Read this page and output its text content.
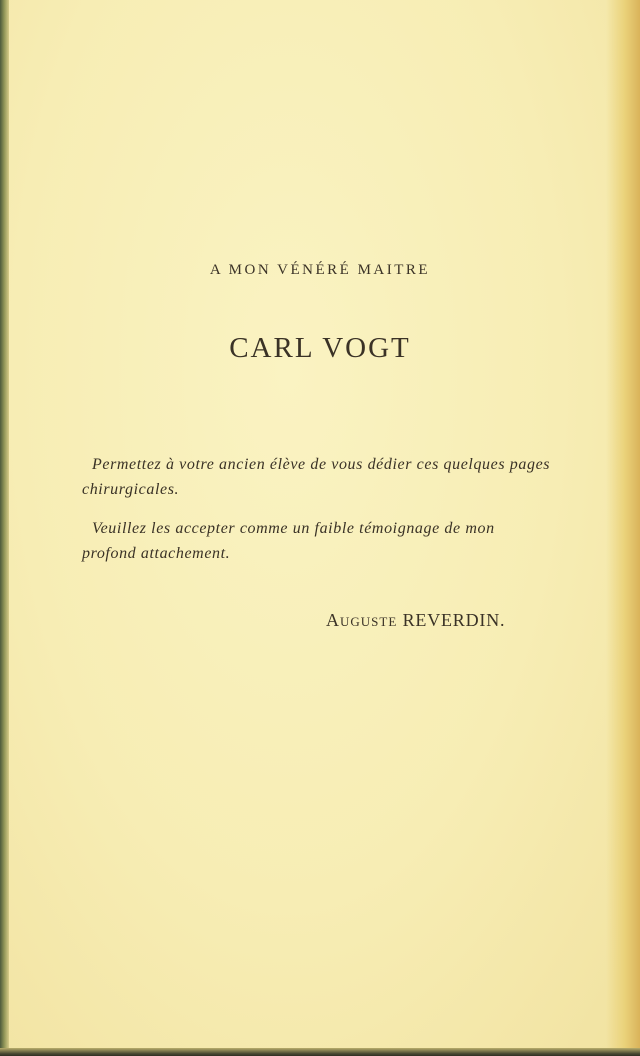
A MON VÉNÉRÉ MAITRE
CARL VOGT

Permettez à votre ancien élève de vous dédier ces quelques pages chirurgicales.

Veuillez les accepter comme un faible témoignage de mon profond attachement.

Auguste REVERDIN.
